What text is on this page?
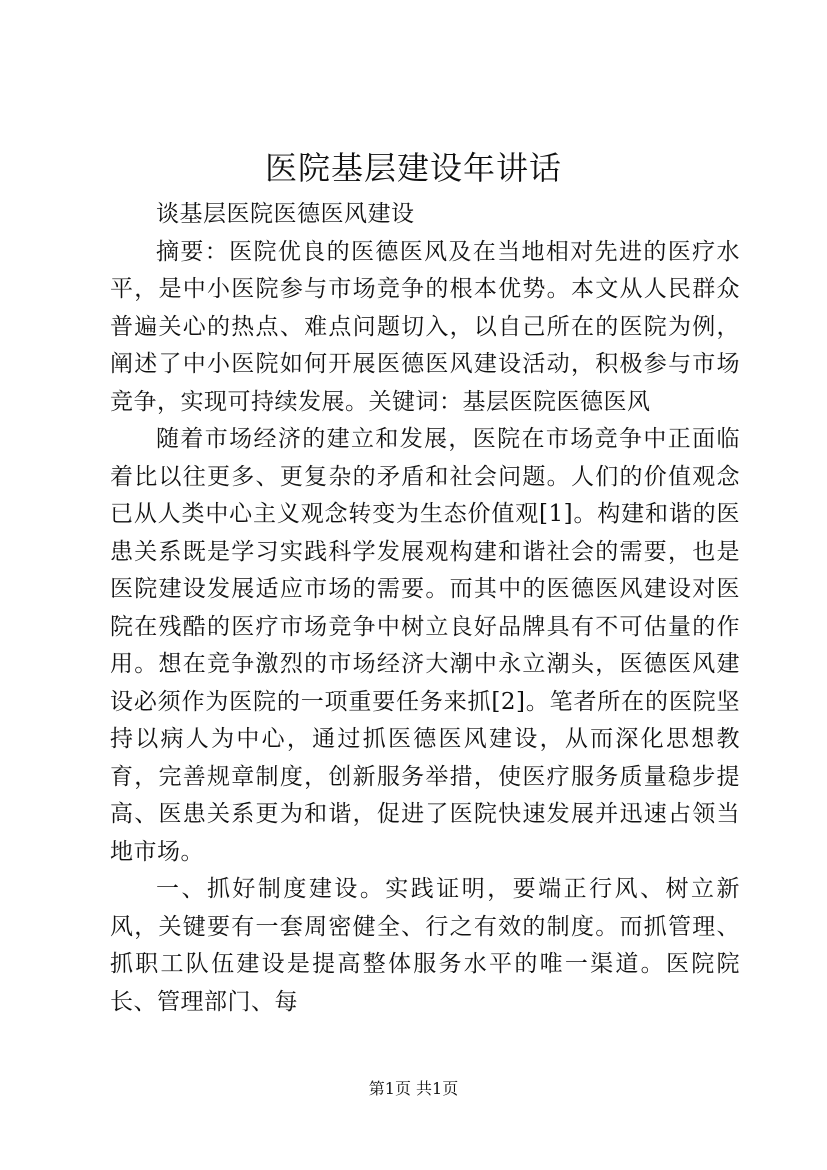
医院基层建设年讲话

谈基层医院医德医风建设

摘要：医院优良的医德医风及在当地相对先进的医疗水平，是中小医院参与市场竞争的根本优势。本文从人民群众普遍关心的热点、难点问题切入，以自己所在的医院为例，阐述了中小医院如何开展医德医风建设活动，积极参与市场竞争，实现可持续发展。关键词：基层医院医德医风

随着市场经济的建立和发展，医院在市场竞争中正面临着比以往更多、更复杂的矛盾和社会问题。人们的价值观念已从人类中心主义观念转变为生态价值观[1]。构建和谐的医患关系既是学习实践科学发展观构建和谐社会的需要，也是医院建设发展适应市场的需要。而其中的医德医风建设对医院在残酷的医疗市场竞争中树立良好品牌具有不可估量的作用。想在竞争激烈的市场经济大潮中永立潮头，医德医风建设必须作为医院的一项重要任务来抓[2]。笔者所在的医院坚持以病人为中心，通过抓医德医风建设，从而深化思想教育，完善规章制度，创新服务举措，使医疗服务质量稳步提高、医患关系更为和谐，促进了医院快速发展并迅速占领当地市场。

一、抓好制度建设。实践证明，要端正行风、树立新风，关键要有一套周密健全、行之有效的制度。而抓管理、抓职工队伍建设是提高整体服务水平的唯一渠道。医院院长、管理部门、每

第1页 共1页
